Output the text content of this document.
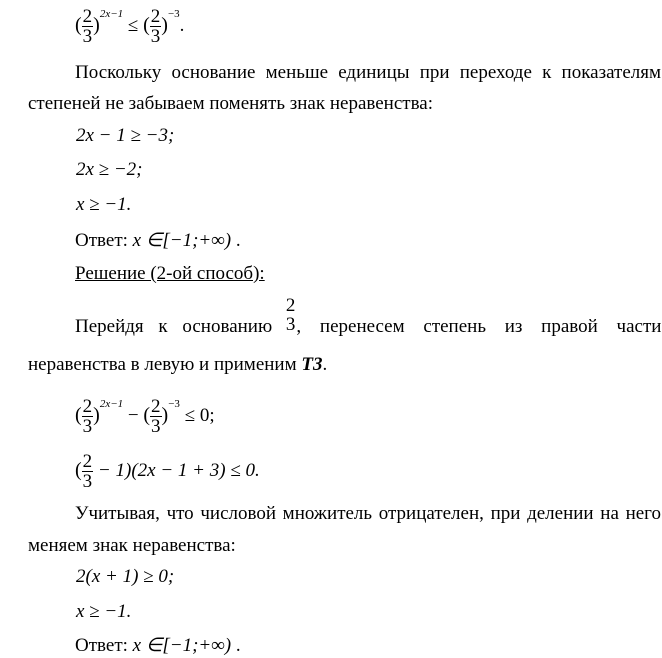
( $\frac{2}{3} )^{2x-1}$ ≤ ( $\frac{2}{3} )^{-3}$.
Поскольку основание меньше единицы при переходе к показателям
степеней не забываем поменять знак неравенства:
2x − 1 ≥ −3;
2x ≥ −2;
x ≥ −1.
Ответ: x ∈[−1;+∞) .
Решение (2-ой способ):
Перейдя к основанию
2
3 , перенесем степень из правой части
неравенства в левую и применим Т3.
( $\frac{2}{3} )^{2x-1}$ − ( $\frac{2}{3} )^{-3} \le 0$;
( $\frac{2}{3} - 1)(2x - 1 + 3) \le 0$.
Учитывая, что числовой множитель отрицателен, при делении на него
меняем знак неравенства:
2(x + 1) ≥ 0;
x ≥ −1.
Ответ: x ∈[−1;+∞) .
